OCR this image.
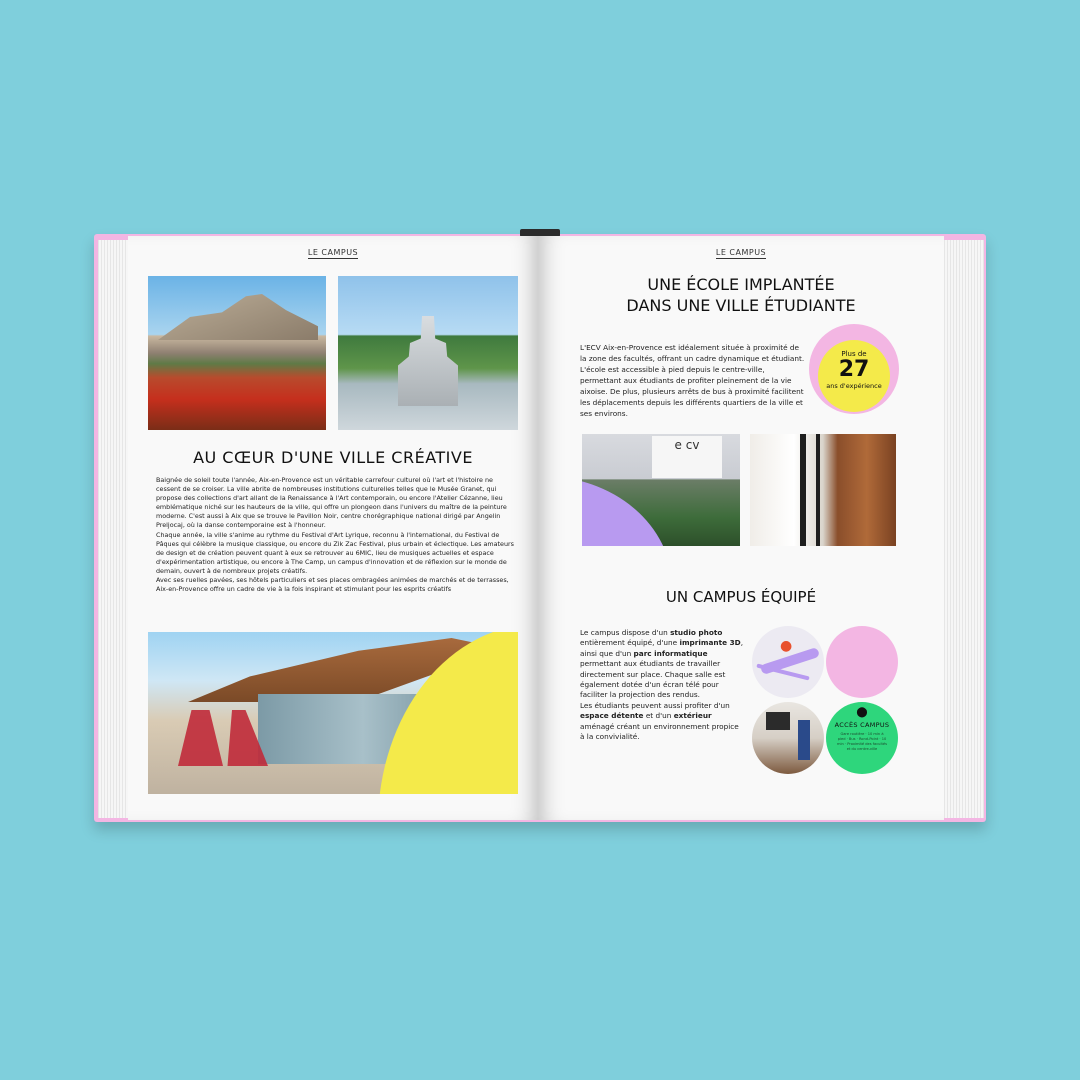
LE CAMPUS
AU CŒUR D'UNE VILLE CRÉATIVE

Baignée de soleil toute l'année, Aix-en-Provence est un véritable carrefour culturel où l'art et l'histoire ne cessent de se croiser. La ville abrite de nombreuses institutions culturelles telles que le Musée Granet, qui propose des collections d'art allant de la Renaissance à l'Art contemporain, ou encore l'Atelier Cézanne, lieu emblématique niché sur les hauteurs de la ville, qui offre un plongeon dans l'univers du maître de la peinture moderne. C'est aussi à Aix que se trouve le Pavillon Noir, centre chorégraphique national dirigé par Angelin Preljocaj, où la danse contemporaine est à l'honneur.

Chaque année, la ville s'anime au rythme du Festival d'Art Lyrique, reconnu à l'international, du Festival de Pâques qui célèbre la musique classique, ou encore du Zik Zac Festival, plus urbain et éclectique. Les amateurs de design et de création peuvent quant à eux se retrouver au 6MIC, lieu de musiques actuelles et espace d'expérimentation artistique, ou encore à The Camp, un campus d'innovation et de réflexion sur le monde de demain, ouvert à de nombreux projets créatifs.

Avec ses ruelles pavées, ses hôtels particuliers et ses places ombragées animées de marchés et de terrasses, Aix-en-Provence offre un cadre de vie à la fois inspirant et stimulant pour les esprits créatifs

LE CAMPUS
UNE ÉCOLE IMPLANTÉE
DANS UNE VILLE ÉTUDIANTE

L'ECV Aix-en-Provence est idéalement située à proximité de la zone des facultés, offrant un cadre dynamique et étudiant. L'école est accessible à pied depuis le centre-ville, permettant aux étudiants de profiter pleinement de la vie aixoise. De plus, plusieurs arrêts de bus à proximité facilitent les déplacements depuis les différents quartiers de la ville et ses environs.

Plus de
27
ans d'expérience
e cv
UN CAMPUS ÉQUIPÉ

Le campus dispose d'un studio photo entièrement équipé, d'une imprimante 3D, ainsi que d'un parc informatique permettant aux étudiants de travailler directement sur place. Chaque salle est également dotée d'un écran télé pour faciliter la projection des rendus.

Les étudiants peuvent aussi profiter d'un espace détente et d'un extérieur aménagé créant un environnement propice à la convivialité.

●
⬤
ACCÈS CAMPUS
Gare routière · 10 min à pied · Bus · Rond-Point · 10 min · Proximité des facultés et du centre-ville
